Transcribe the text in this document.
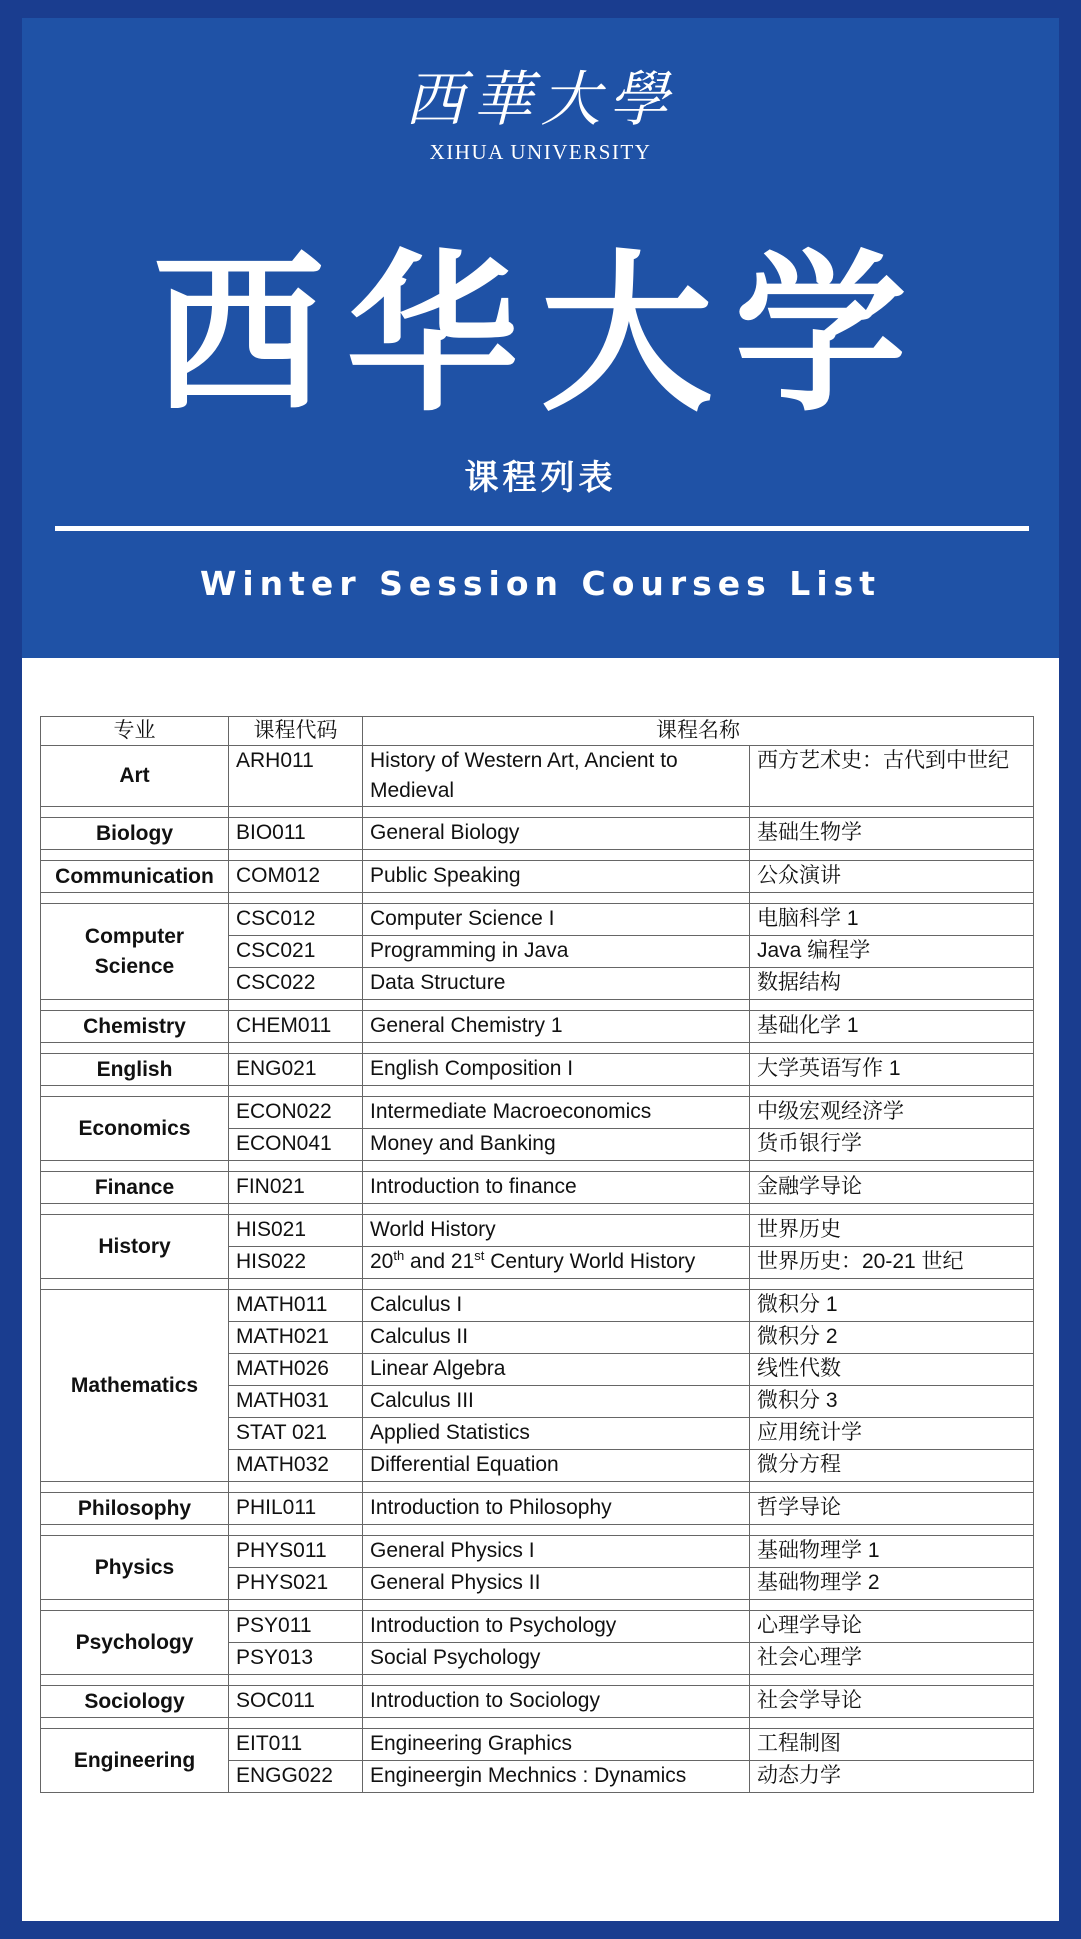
西華大學
XIHUA UNIVERSITY
西华大学
课程列表
Winter Session Courses List
专业	课程代码	课程名称	
Art	ARH011	History of Western Art, Ancient to Medieval	西方艺术史：古代到中世纪

Biology	BIO011	General Biology	基础生物学

Communication	COM012	Public Speaking	公众演讲

Computer Science	CSC012	Computer Science I	电脑科学 1
	CSC021	Programming in Java	Java 编程学
	CSC022	Data Structure	数据结构

Chemistry	CHEM011	General Chemistry 1	基础化学 1

English	ENG021	English Composition I	大学英语写作 1

Economics	ECON022	Intermediate Macroeconomics	中级宏观经济学
	ECON041	Money and Banking	货币银行学

Finance	FIN021	Introduction to finance	金融学导论

History	HIS021	World History	世界历史
	HIS022	20th and 21st Century World History	世界历史：20-21 世纪

Mathematics	MATH011	Calculus I	微积分 1
	MATH021	Calculus II	微积分 2
	MATH026	Linear Algebra	线性代数
	MATH031	Calculus III	微积分 3
	STAT 021	Applied Statistics	应用统计学
	MATH032	Differential Equation	微分方程

Philosophy	PHIL011	Introduction to Philosophy	哲学导论

Physics	PHYS011	General Physics I	基础物理学 1
	PHYS021	General Physics II	基础物理学 2

Psychology	PSY011	Introduction to Psychology	心理学导论
	PSY013	Social Psychology	社会心理学

Sociology	SOC011	Introduction to Sociology	社会学导论

Engineering	EIT011	Engineering Graphics	工程制图
	ENGG022	Engineergin Mechnics : Dynamics	动态力学
